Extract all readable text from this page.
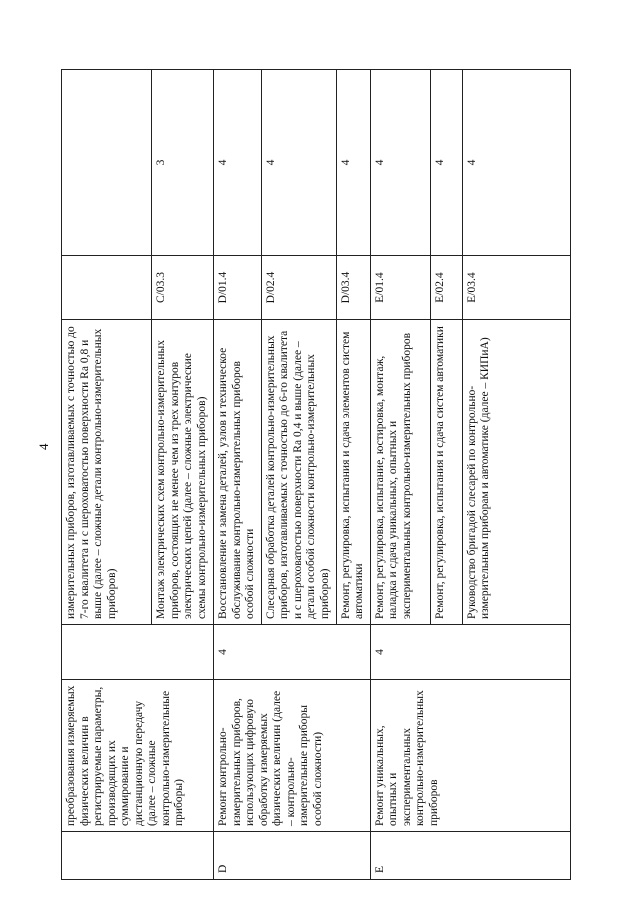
4
	преобразования измеряемых физических величин в регистрируемые параметры, производящих их суммирование и дистанционную передачу (далее – сложные контрольно-измерительные приборы)		измерительных приборов, изготавливаемых с точностью до 7-го квалитета и с шероховатостью поверхности Ra 0,8 и выше (далее – сложные детали контрольно-измерительных приборов)		
			Монтаж электрических схем контрольно-измерительных приборов, состоящих не менее чем из трех контуров электрических цепей (далее – сложные электрические схемы контрольно-измерительных приборов)	C/03.3	3
D	Ремонт контрольно-измерительных приборов, использующих цифровую обработку измеряемых физических величин (далее – контрольно-измерительные приборы особой сложности)	4	Восстановление и замена деталей, узлов и техническое обслуживание контрольно-измерительных приборов особой сложности	D/01.4	4
			Слесарная обработка деталей контрольно-измерительных приборов, изготавливаемых с точностью до 6-го квалитета и с шероховатостью поверхности Ra 0,4 и выше (далее – детали особой сложности контрольно-измерительных приборов)	D/02.4	4
			Ремонт, регулировка, испытания и сдача элементов систем автоматики	D/03.4	4
E	Ремонт уникальных, опытных и экспериментальных контрольно-измерительных приборов	4	Ремонт, регулировка, испытание, юстировка, монтаж, наладка и сдача уникальных, опытных и экспериментальных контрольно-измерительных приборов	E/01.4	4
			Ремонт, регулировка, испытания и сдача систем автоматики	E/02.4	4
			Руководство бригадой слесарей по контрольно-измерительным приборам и автоматике (далее – КИПиА)	E/03.4	4
